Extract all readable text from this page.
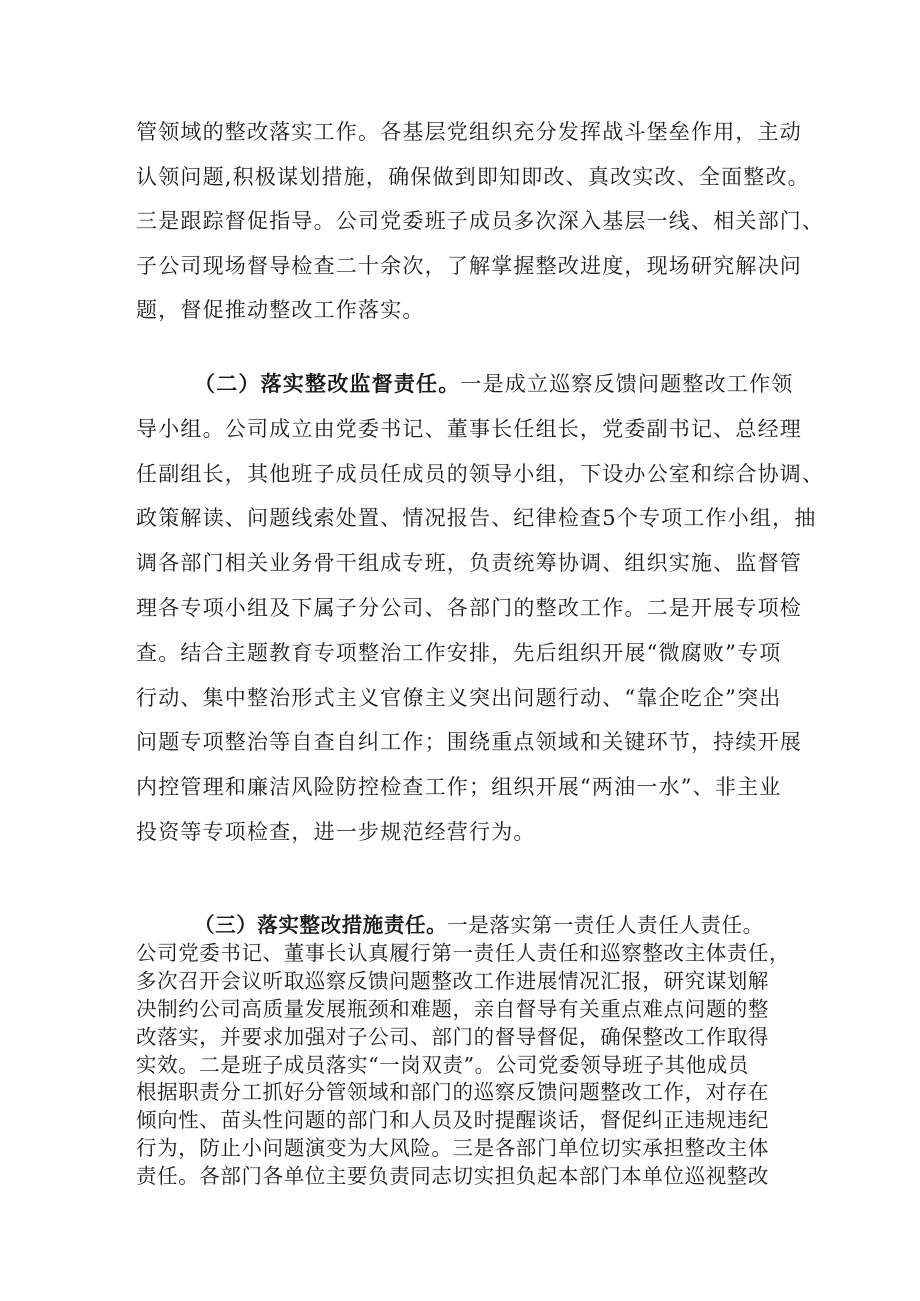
管领域的整改落实工作。各基层党组织充分发挥战斗堡垒作用，主动
认领问题,积极谋划措施，确保做到即知即改、真改实改、全面整改。
三是跟踪督促指导。公司党委班子成员多次深入基层一线、相关部门、
子公司现场督导检查二十余次，了解掌握整改进度，现场研究解决问
题，督促推动整改工作落实。
（二）落实整改监督责任。一是成立巡察反馈问题整改工作领
导小组。公司成立由党委书记、董事长任组长，党委副书记、总经理
任副组长，其他班子成员任成员的领导小组，下设办公室和综合协调、
政策解读、问题线索处置、情况报告、纪律检查5个专项工作小组，抽
调各部门相关业务骨干组成专班，负责统筹协调、组织实施、监督管
理各专项小组及下属子分公司、各部门的整改工作。二是开展专项检
查。结合主题教育专项整治工作安排，先后组织开展“微腐败”专项
行动、集中整治形式主义官僚主义突出问题行动、“靠企吃企”突出
问题专项整治等自查自纠工作；围绕重点领域和关键环节，持续开展
内控管理和廉洁风险防控检查工作；组织开展“两油一水”、非主业
投资等专项检查，进一步规范经营行为。
（三）落实整改措施责任。一是落实第一责任人责任人责任。
公司党委书记、董事长认真履行第一责任人责任和巡察整改主体责任，
多次召开会议听取巡察反馈问题整改工作进展情况汇报，研究谋划解
决制约公司高质量发展瓶颈和难题，亲自督导有关重点难点问题的整
改落实，并要求加强对子公司、部门的督导督促，确保整改工作取得
实效。二是班子成员落实“一岗双责”。公司党委领导班子其他成员
根据职责分工抓好分管领域和部门的巡察反馈问题整改工作，对存在
倾向性、苗头性问题的部门和人员及时提醒谈话，督促纠正违规违纪
行为，防止小问题演变为大风险。三是各部门单位切实承担整改主体
责任。各部门各单位主要负责同志切实担负起本部门本单位巡视整改
